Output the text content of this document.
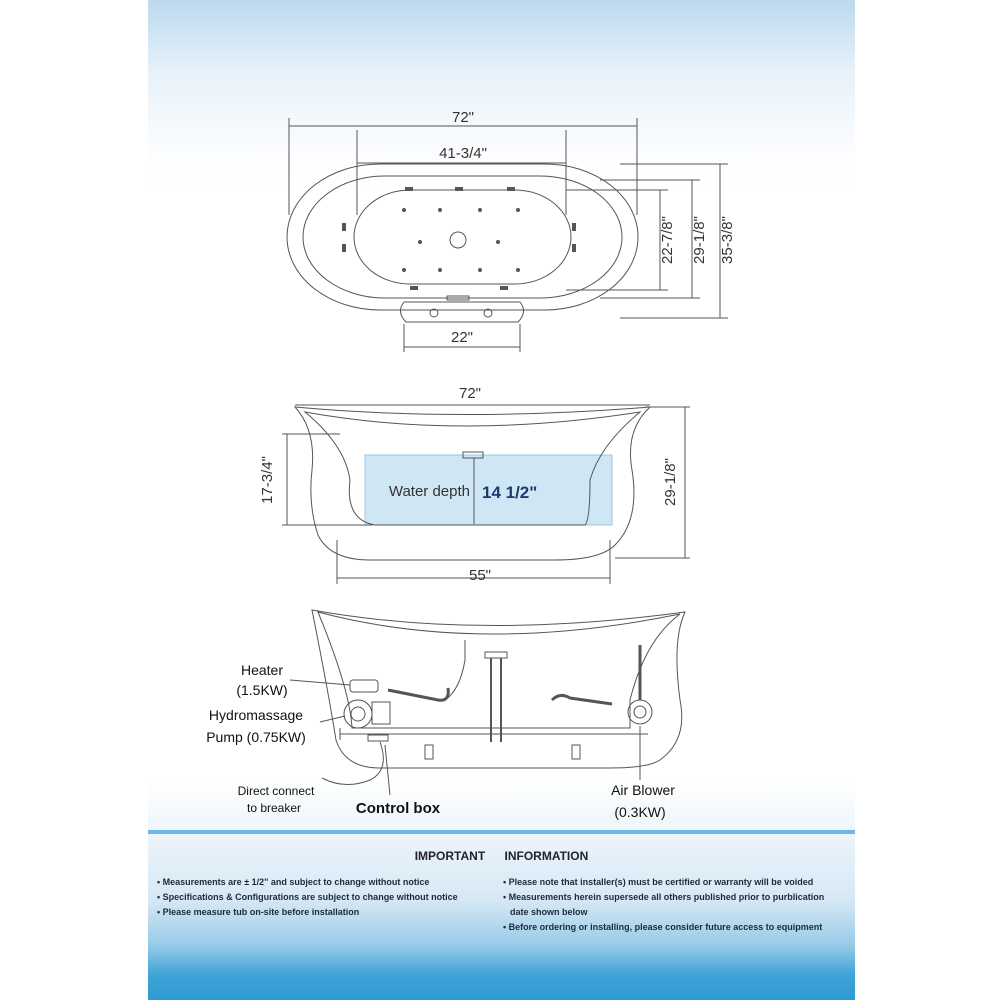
72"
41-3/4"
22-7/8" 29-1/8" 35-3/8"
22"
72"
17-3/4"	29-1/8"
55"
Water depth 14 1/2"
Heater
(1.5KW)
Hydromassage
Pump (0.75KW)
Direct connect
to breaker	Control box
Air Blower
(0.3KW)
IMPORTANT INFORMATION
• Measurements are ± 1/2" and subject to change without notice
• Specifications & Configurations are subject to change without notice
• Please measure tub on-site before installation
• Please note that installer(s) must be certified or warranty will be voided
• Measurements herein supersede all others published prior to purblication
date shown below
• Before ordering or installing, please consider future access to equipment
